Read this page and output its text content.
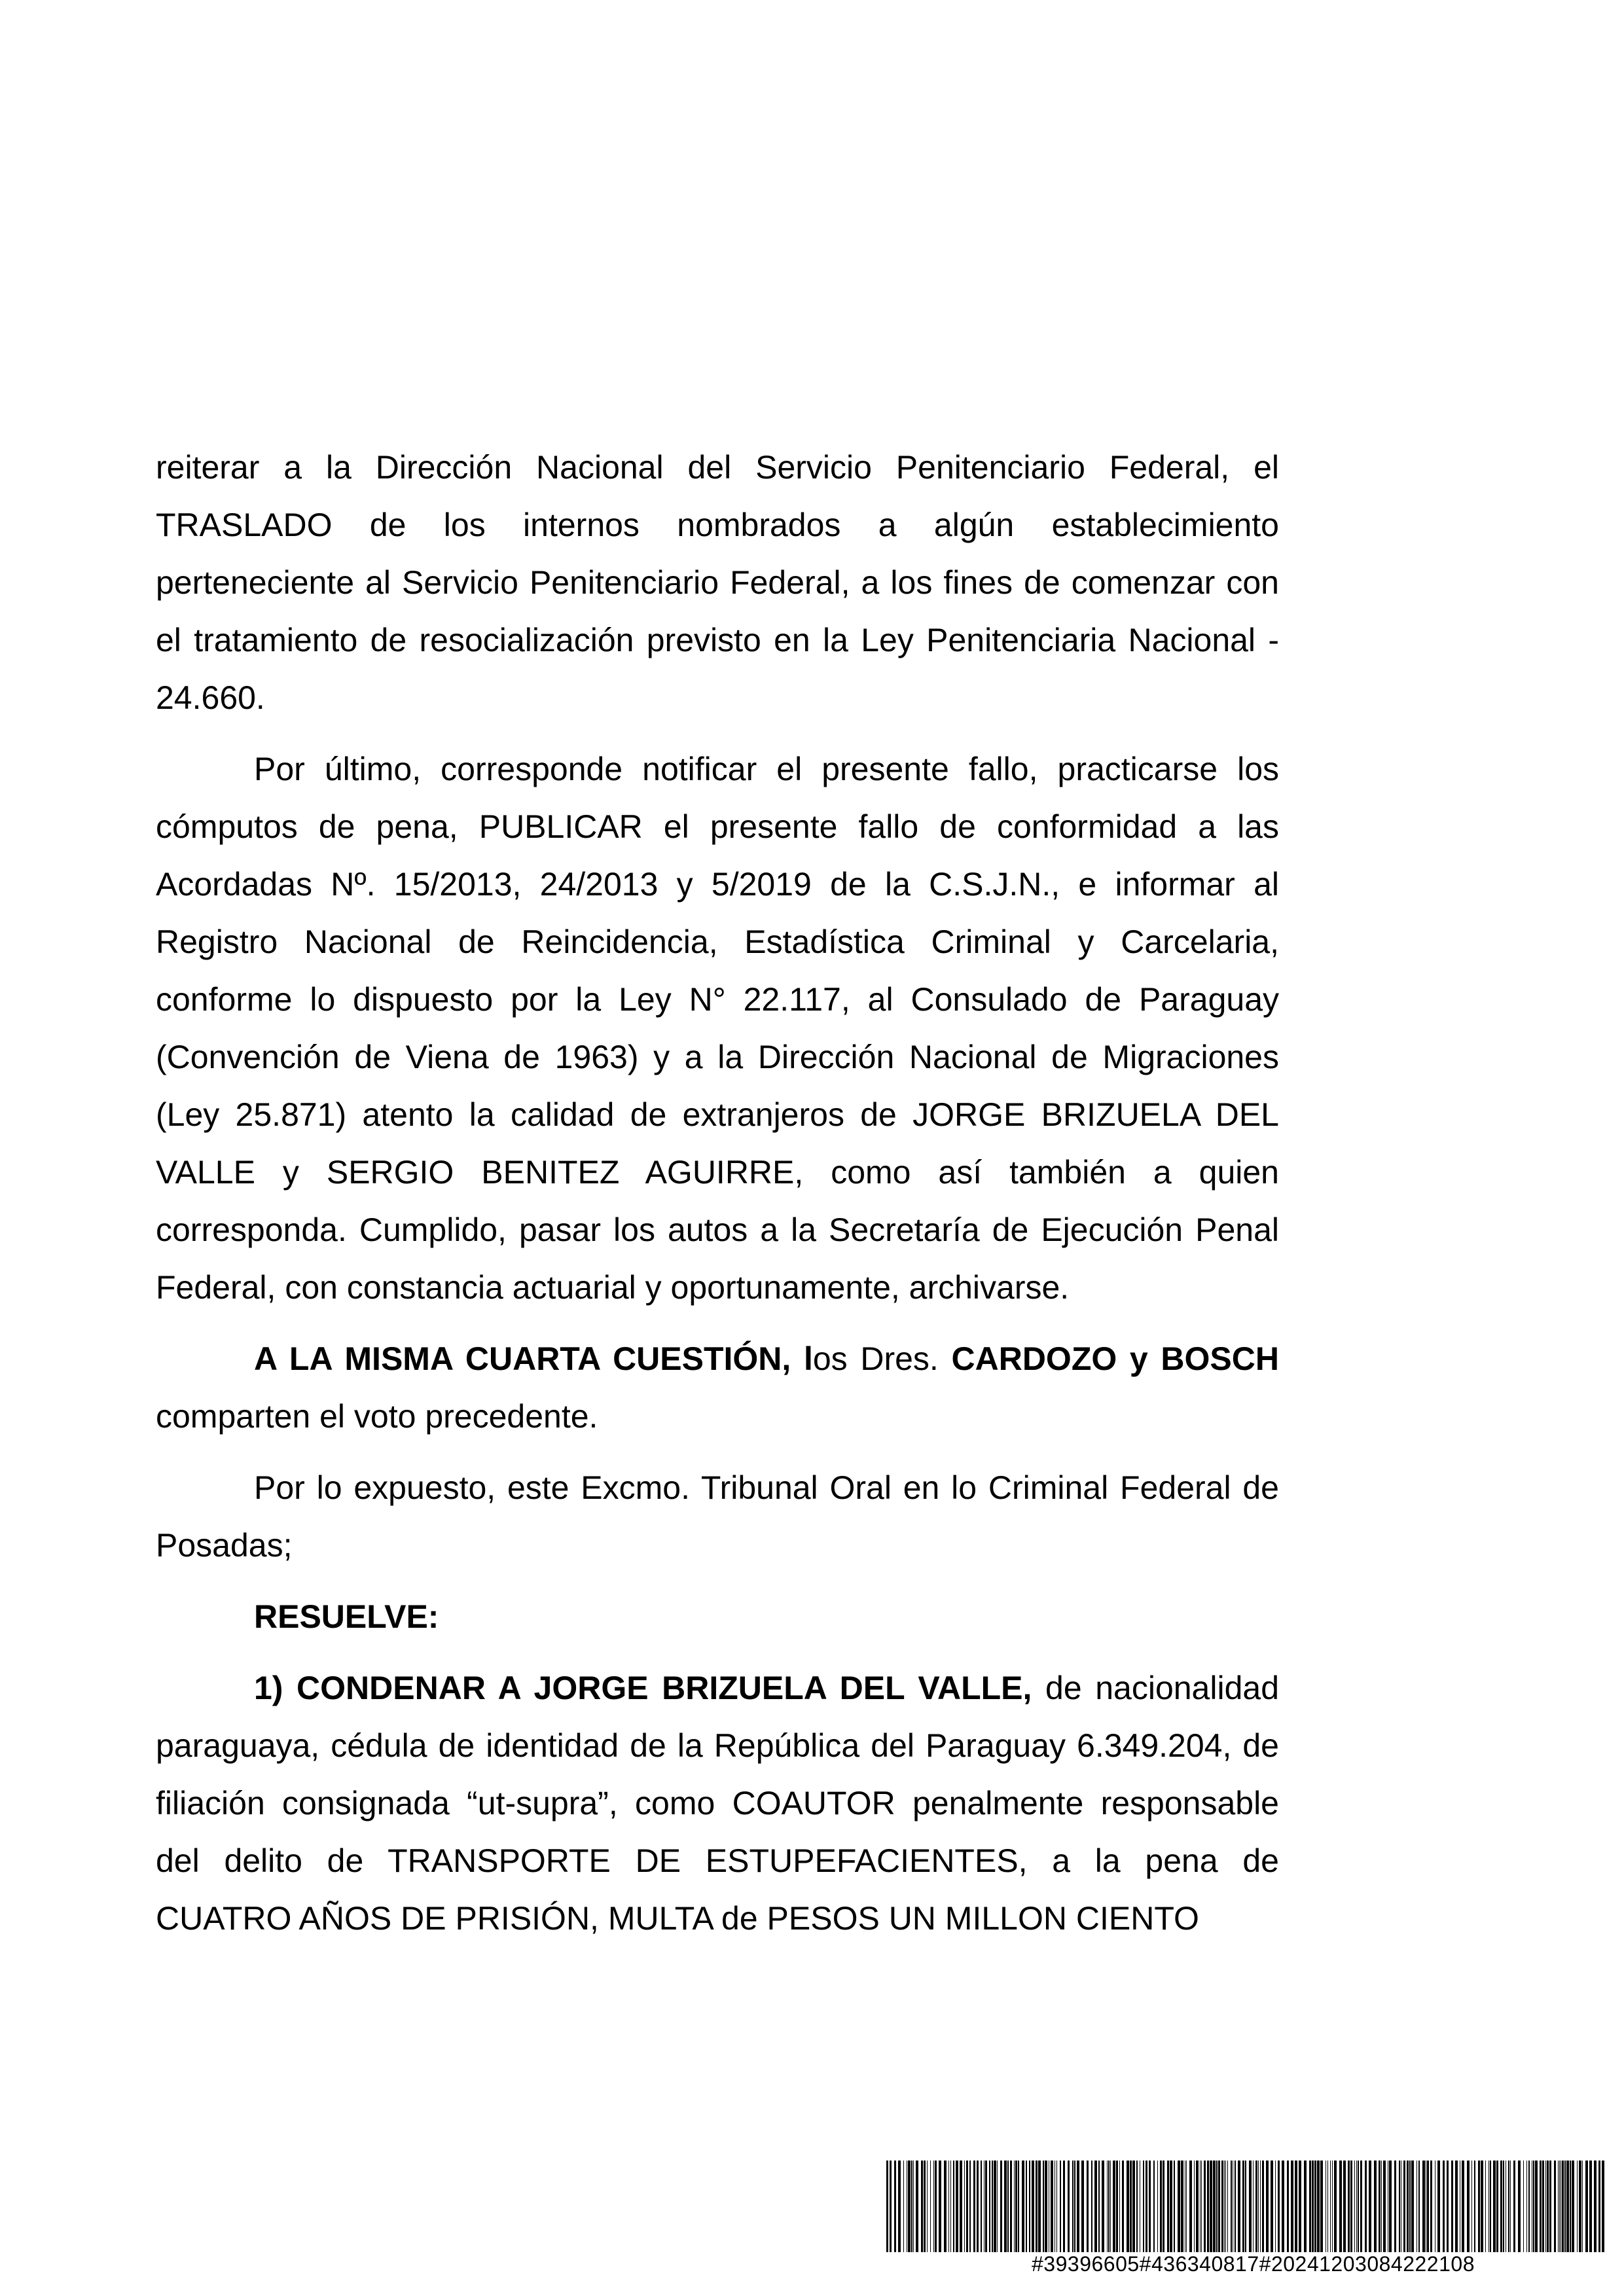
reiterar a la Dirección Nacional del Servicio Penitenciario Federal, el TRASLADO de los internos nombrados a algún establecimiento perteneciente al Servicio Penitenciario Federal, a los fines de comenzar con el tratamiento de resocialización previsto en la Ley Penitenciaria Nacional - 24.660.

Por último, corresponde notificar el presente fallo, practicarse los cómputos de pena, PUBLICAR el presente fallo de conformidad a las Acordadas Nº. 15/2013, 24/2013 y 5/2019 de la C.S.J.N., e informar al Registro Nacional de Reincidencia, Estadística Criminal y Carcelaria, conforme lo dispuesto por la Ley N° 22.117, al Consulado de Paraguay (Convención de Viena de 1963) y a la Dirección Nacional de Migraciones (Ley 25.871) atento la calidad de extranjeros de JORGE BRIZUELA DEL VALLE y SERGIO BENITEZ AGUIRRE, como así también a quien corresponda. Cumplido, pasar los autos a la Secretaría de Ejecución Penal Federal, con constancia actuarial y oportunamente, archivarse.

A LA MISMA CUARTA CUESTIÓN, los Dres. CARDOZO y BOSCH comparten el voto precedente.

Por lo expuesto, este Excmo. Tribunal Oral en lo Criminal Federal de Posadas;

RESUELVE:

1) CONDENAR A JORGE BRIZUELA DEL VALLE, de nacionalidad paraguaya, cédula de identidad de la República del Paraguay 6.349.204, de filiación consignada “ut-supra”, como COAUTOR penalmente responsable del delito de TRANSPORTE DE ESTUPEFACIENTES, a la pena de CUATRO AÑOS DE PRISIÓN, MULTA de PESOS UN MILLON CIENTO

#39396605#436340817#20241203084222108
